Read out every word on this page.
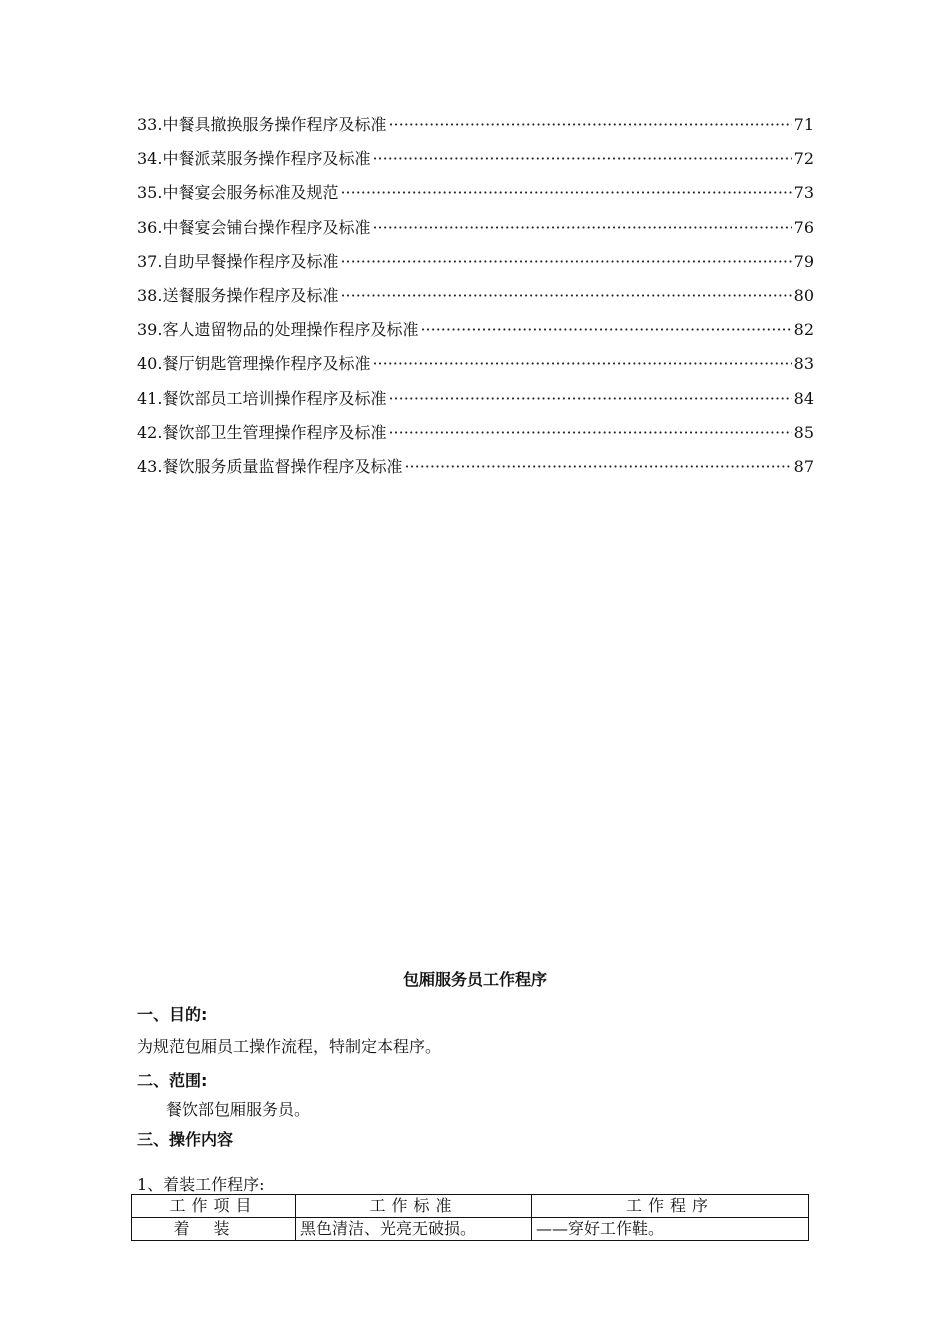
33.中餐具撤换服务操作程序及标准 ·····	71
34.中餐派菜服务操作程序及标准 ·····	72
35.中餐宴会服务标准及规范 ·····	73
36.中餐宴会铺台操作程序及标准 ·····	76
37.自助早餐操作程序及标准 ·····	79
38.送餐服务操作程序及标准 ·····	80
39.客人遗留物品的处理操作程序及标准 ·····	82
40.餐厅钥匙管理操作程序及标准 ·····	83
41.餐饮部员工培训操作程序及标准 ·····	84
42.餐饮部卫生管理操作程序及标准 ·····	85
43.餐饮服务质量监督操作程序及标准 ·····	87
包厢服务员工作程序
一、目的:
为规范包厢员工操作流程，特制定本程序。
二、范围:
餐饮部包厢服务员。
三、操作内容
1、着装工作程序:
工作项目	工作标准	工作程序
着装	黑色清洁、光亮无破损。	——穿好工作鞋。
